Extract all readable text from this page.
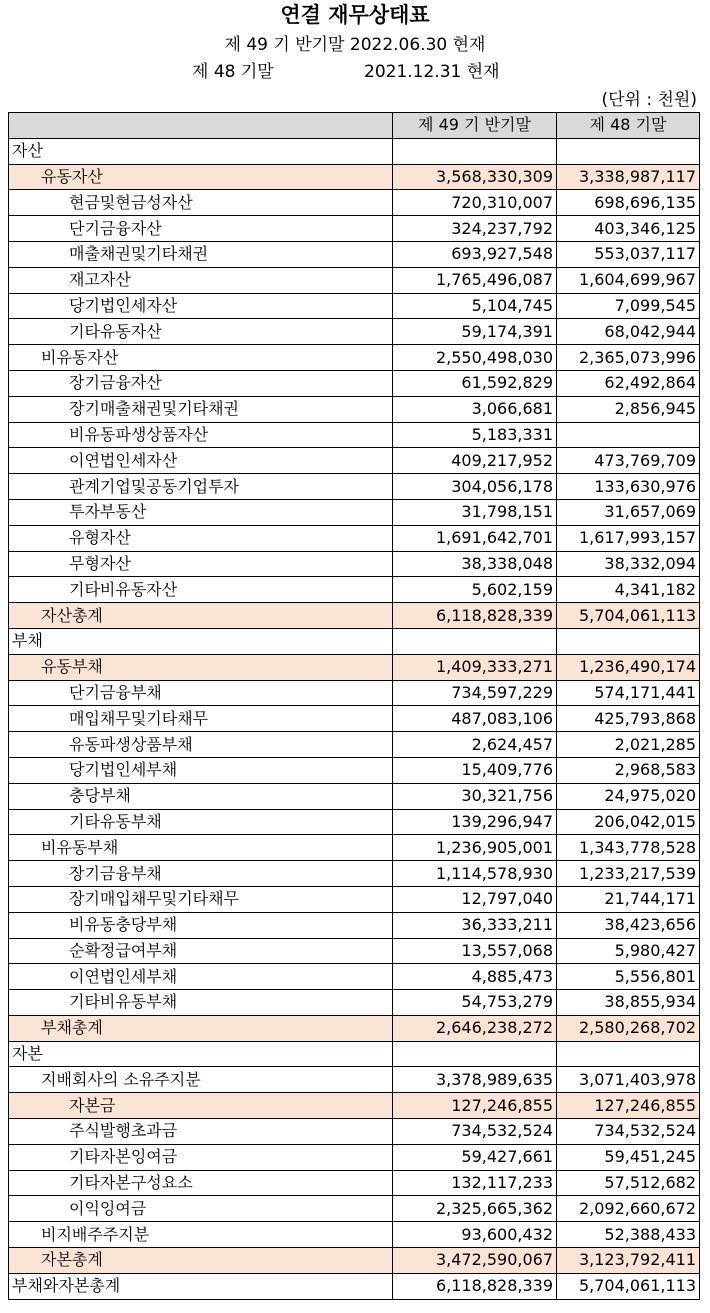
연결 재무상태표
제 49 기 반기말 2022.06.30 현재
제 48 기말	2021.12.31 현재
(단위 : 천원)
	제 49 기 반기말	제 48 기말
자산		
유동자산	3,568,330,309	3,338,987,117
현금및현금성자산	720,310,007	698,696,135
단기금융자산	324,237,792	403,346,125
매출채권및기타채권	693,927,548	553,037,117
재고자산	1,765,496,087	1,604,699,967
당기법인세자산	5,104,745	7,099,545
기타유동자산	59,174,391	68,042,944
비유동자산	2,550,498,030	2,365,073,996
장기금융자산	61,592,829	62,492,864
장기매출채권및기타채권	3,066,681	2,856,945
비유동파생상품자산	5,183,331	
이연법인세자산	409,217,952	473,769,709
관계기업및공동기업투자	304,056,178	133,630,976
투자부동산	31,798,151	31,657,069
유형자산	1,691,642,701	1,617,993,157
무형자산	38,338,048	38,332,094
기타비유동자산	5,602,159	4,341,182
자산총계	6,118,828,339	5,704,061,113
부채		
유동부채	1,409,333,271	1,236,490,174
단기금융부채	734,597,229	574,171,441
매입채무및기타채무	487,083,106	425,793,868
유동파생상품부채	2,624,457	2,021,285
당기법인세부채	15,409,776	2,968,583
충당부채	30,321,756	24,975,020
기타유동부채	139,296,947	206,042,015
비유동부채	1,236,905,001	1,343,778,528
장기금융부채	1,114,578,930	1,233,217,539
장기매입채무및기타채무	12,797,040	21,744,171
비유동충당부채	36,333,211	38,423,656
순확정급여부채	13,557,068	5,980,427
이연법인세부채	4,885,473	5,556,801
기타비유동부채	54,753,279	38,855,934
부채총계	2,646,238,272	2,580,268,702
자본		
지배회사의 소유주지분	3,378,989,635	3,071,403,978
자본금	127,246,855	127,246,855
주식발행초과금	734,532,524	734,532,524
기타자본잉여금	59,427,661	59,451,245
기타자본구성요소	132,117,233	57,512,682
이익잉여금	2,325,665,362	2,092,660,672
비지배주주지분	93,600,432	52,388,433
자본총계	3,472,590,067	3,123,792,411
부채와자본총계	6,118,828,339	5,704,061,113
